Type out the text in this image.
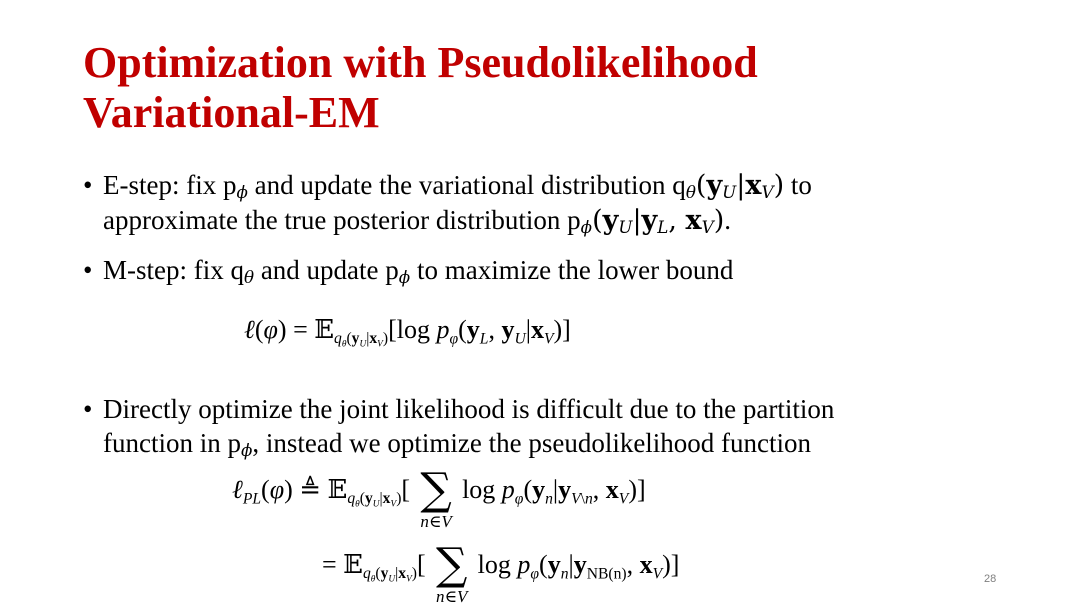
Optimization with Pseudolikelihood
Variational-EM
• E-step: fix $p_\phi$ and update the variational distribution $q_\theta(y_U|x_V)$ to
approximate the true posterior distribution $p_\phi(y_U|y_L$, $x_V$).
• M-step: fix $q_\theta$ and update $p_\phi$ to maximize the lower bound
ℓ(φ) = 𝔼$_{q_\theta(y_U|x_V)}$[log $p_\varphi(y_L$, $y_U|x_V$)]
• Directly optimize the joint likelihood is difficult due to the partition
function in $p_\phi$, instead we optimize the pseudolikelihood function
ℓ$_{PL}$(φ) ≜ 𝔼$_{q_\theta(y_U|x_V)}$[ ∑
n∈V
$\log p_\varphi(y_n|y_{V\backslash n}$, $x_V$)]
= 𝔼$_{q_\theta(y_U|x_V)}$[ ∑
n∈V
$\log p_\varphi(y_n|y_{NB(n)}$, $x_V$)]	28
